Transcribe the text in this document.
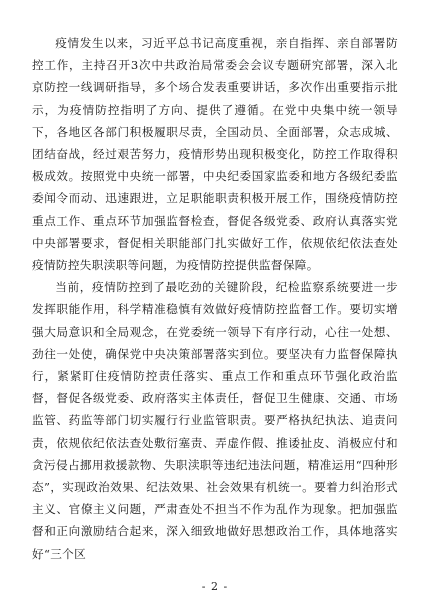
疫情发生以来，习近平总书记高度重视，亲自指挥、亲自部署防控工作，主持召开3次中共政治局常委会会议专题研究部署，深入北京防控一线调研指导，多个场合发表重要讲话，多次作出重要指示批示，为疫情防控指明了方向、提供了遵循。在党中央集中统一领导下，各地区各部门积极履职尽责，全国动员、全面部署，众志成城、团结奋战，经过艰苦努力，疫情形势出现积极变化，防控工作取得积极成效。按照党中央统一部署，中央纪委国家监委和地方各级纪委监委闻令而动、迅速跟进，立足职能职责积极开展工作，围绕疫情防控重点工作、重点环节加强监督检查，督促各级党委、政府认真落实党中央部署要求，督促相关职能部门扎实做好工作，依规依纪依法查处疫情防控失职渎职等问题，为疫情防控提供监督保障。

当前，疫情防控到了最吃劲的关键阶段，纪检监察系统要进一步发挥职能作用，科学精准稳慎有效做好疫情防控监督工作。要切实增强大局意识和全局观念，在党委统一领导下有序行动，心往一处想、劲往一处使，确保党中央决策部署落实到位。要坚决有力监督保障执行，紧紧盯住疫情防控责任落实、重点工作和重点环节强化政治监督，督促各级党委、政府落实主体责任，督促卫生健康、交通、市场监管、药监等部门切实履行行业监管职责。要严格执纪执法、追责问责，依规依纪依法查处敷衍塞责、弄虚作假、推诿扯皮、消极应付和贪污侵占挪用救援款物、失职渎职等违纪违法问题，精准运用“四种形态”，实现政治效果、纪法效果、社会效果有机统一。要着力纠治形式主义、官僚主义问题，严肃查处不担当不作为乱作为现象。把加强监督和正向激励结合起来，深入细致地做好思想政治工作，具体地落实好“三个区

- 2 -
